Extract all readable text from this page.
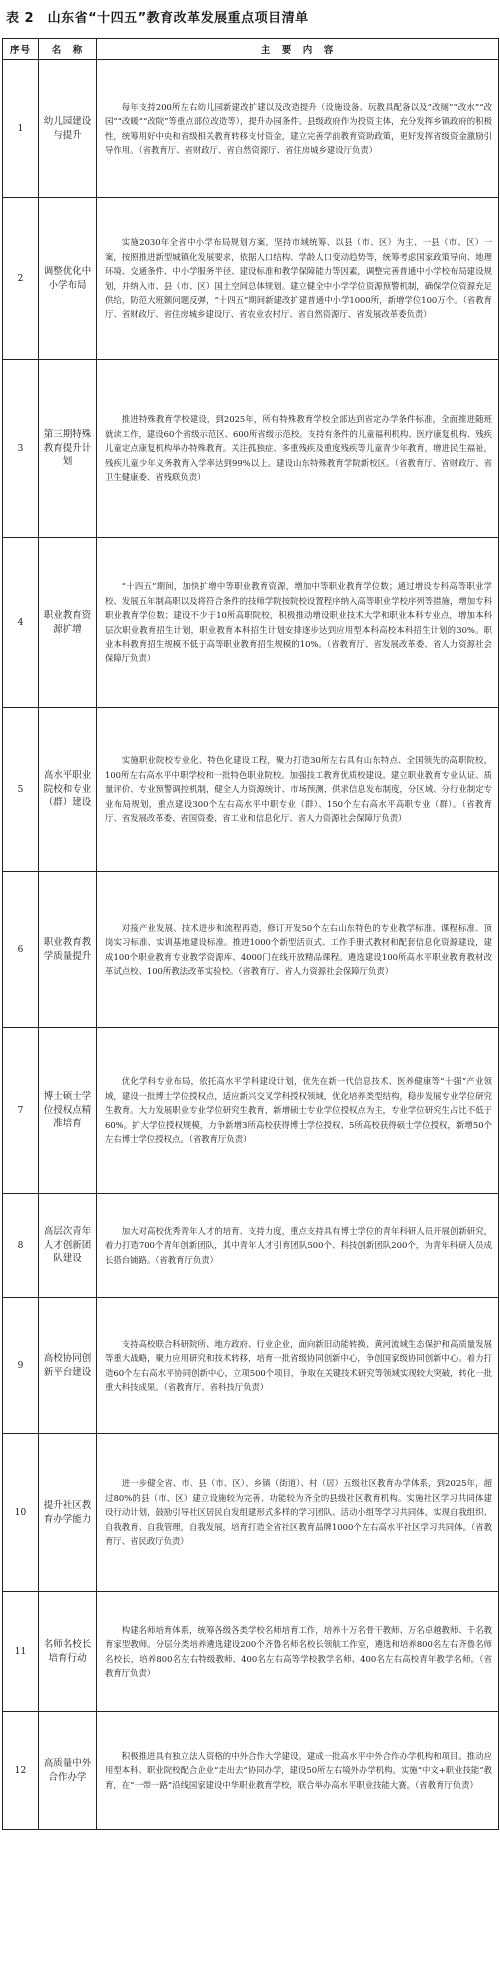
表 2　山东省“十四五”教育改革发展重点项目清单
序号	名　称	主　要　内　容
1	幼儿园建设与提升	每年支持200所左右幼儿园新建改扩建以及改造提升（设施设备、玩教具配备以及“改厕”“改水”“改园”“改暖”“改院”等重点部位改造等），提升办园条件。县级政府作为投资主体，充分发挥乡镇政府的积极性，统筹用好中央和省级相关教育转移支付资金，建立完善学前教育资助政策，更好发挥省级资金激励引导作用。（省教育厅、省财政厅、省自然资源厅、省住房城乡建设厅负责）
2	调整优化中小学布局	实施2030年全省中小学布局规划方案，坚持市域统筹、以县（市、区）为主、一县（市、区）一案，按照推进新型城镇化发展要求，依据人口结构、学龄人口变动趋势等，统筹考虑国家政策导向、地理环境、交通条件、中小学服务半径、建设标准和教学保障能力等因素，调整完善普通中小学校布局建设规划，并纳入市、县（市、区）国土空间总体规划。建立健全中小学学位资源预警机制，确保学位资源充足供给，防范大班额问题反弹，“十四五”期间新建改扩建普通中小学1000所，新增学位100万个。（省教育厅、省财政厅、省住房城乡建设厅、省农业农村厅、省自然资源厅、省发展改革委负责）
3	第三期特殊教育提升计划	推进特殊教育学校建设，到2025年，所有特殊教育学校全部达到省定办学条件标准，全面推进随班就读工作，建设60个省级示范区、600所省级示范校。支持有条件的儿童福利机构、医疗康复机构、残疾儿童定点康复机构举办特殊教育。关注孤独症、多重残疾及重度残疾等儿童青少年教育，增进民生福祉，残疾儿童少年义务教育入学率达到99%以上。建设山东特殊教育学院新校区。（省教育厅、省财政厅、省卫生健康委、省残联负责）
4	职业教育资源扩增	“十四五”期间，加快扩增中等职业教育资源，增加中等职业教育学位数；通过增设专科高等职业学校、发展五年制高职以及将符合条件的技师学院按院校设置程序纳入高等职业学校序列等措施，增加专科职业教育学位数；建设不少于10所高职院校，积极推动增设职业技术大学和职业本科专业点，增加本科层次职业教育招生计划，职业教育本科招生计划安排逐步达到应用型本科高校本科招生计划的30%。职业本科教育招生规模不低于高等职业教育招生规模的10%。（省教育厅、省发展改革委、省人力资源社会保障厅负责）
5	高水平职业院校和专业（群）建设	实施职业院校专业化、特色化建设工程，聚力打造30所左右具有山东特点、全国领先的高职院校，100所左右高水平中职学校和一批特色职业院校。加强技工教育优质校建设。建立职业教育专业认证、质量评价、专业预警调控机制，健全人力资源统计、市场预测、供求信息发布制度，分区域、分行业制定专业布局规划，重点建设300个左右高水平中职专业（群）、150个左右高水平高职专业（群）。（省教育厅、省发展改革委、省国资委、省工业和信息化厅、省人力资源社会保障厅负责）
6	职业教育教学质量提升	对接产业发展、技术进步和流程再造，修订开发50个左右山东特色的专业教学标准、课程标准、顶岗实习标准、实训基地建设标准。推进1000个新型活页式、工作手册式教材和配套信息化资源建设，建成100个职业教育专业教学资源库、4000门在线开放精品课程。遴选建设100所高水平职业教育教材改革试点校、100所教法改革实验校。（省教育厅、省人力资源社会保障厅负责）
7	博士硕士学位授权点精准培育	优化学科专业布局，依托高水平学科建设计划，优先在新一代信息技术、医养健康等“十强”产业领域，建设一批博士学位授权点，适应新兴交叉学科授权领域，优化培养类型结构，稳步发展专业学位研究生教育。大力发展职业专业学位研究生教育，新增硕士专业学位授权点为主，专业学位研究生占比不低于60%。扩大学位授权规模，力争新增3所高校获得博士学位授权、5所高校获得硕士学位授权，新增50个左右博士学位授权点。（省教育厅负责）
8	高层次青年人才创新团队建设	加大对高校优秀青年人才的培育、支持力度，重点支持具有博士学位的青年科研人员开展创新研究，着力打造700个青年创新团队，其中青年人才引育团队500个、科技创新团队200个，为青年科研人员成长搭台铺路。（省教育厅负责）
9	高校协同创新平台建设	支持高校联合科研院所、地方政府、行业企业，面向新旧动能转换、黄河流域生态保护和高质量发展等重大战略，聚力应用研究和技术转移，培育一批省级协同创新中心，争创国家级协同创新中心。着力打造60个左右高水平协同创新中心，立项500个项目，争取在关键技术研究等领域实现较大突破，转化一批重大科技成果。（省教育厅、省科技厅负责）
10	提升社区教育办学能力	进一步健全省、市、县（市、区）、乡镇（街道）、村（居）五级社区教育办学体系，到2025年，超过80%的县（市、区）建立设施较为完善、功能较为齐全的县级社区教育机构。实施社区学习共同体建设行动计划，鼓励引导社区居民自发组建形式多样的学习团队、活动小组等学习共同体，实现自我组织、自我教育、自我管理，自我发展，培育打造全省社区教育品牌1000个左右高水平社区学习共同体。（省教育厅、省民政厅负责）
11	名师名校长培育行动	构建名师培育体系，统筹各级各类学校名师培育工作，培养十万名骨干教师、万名卓越教师、千名教育家型教师。分层分类培养遴选建设200个齐鲁名师名校长领航工作室，遴选和培养800名左右齐鲁名师名校长，培养800名左右特级教师、400名左右高等学校教学名师、400名左右高校青年教学名师。（省教育厅负责）
12	高质量中外合作办学	积极推进具有独立法人资格的中外合作大学建设，建成一批高水平中外合作办学机构和项目。推动应用型本科、职业院校配合企业“走出去”协同办学，建设50所左右境外办学机构。实施“中文+职业技能”教育，在“一带一路”沿线国家建设中华职业教育学校，联合举办高水平职业技能大赛。（省教育厅负责）
